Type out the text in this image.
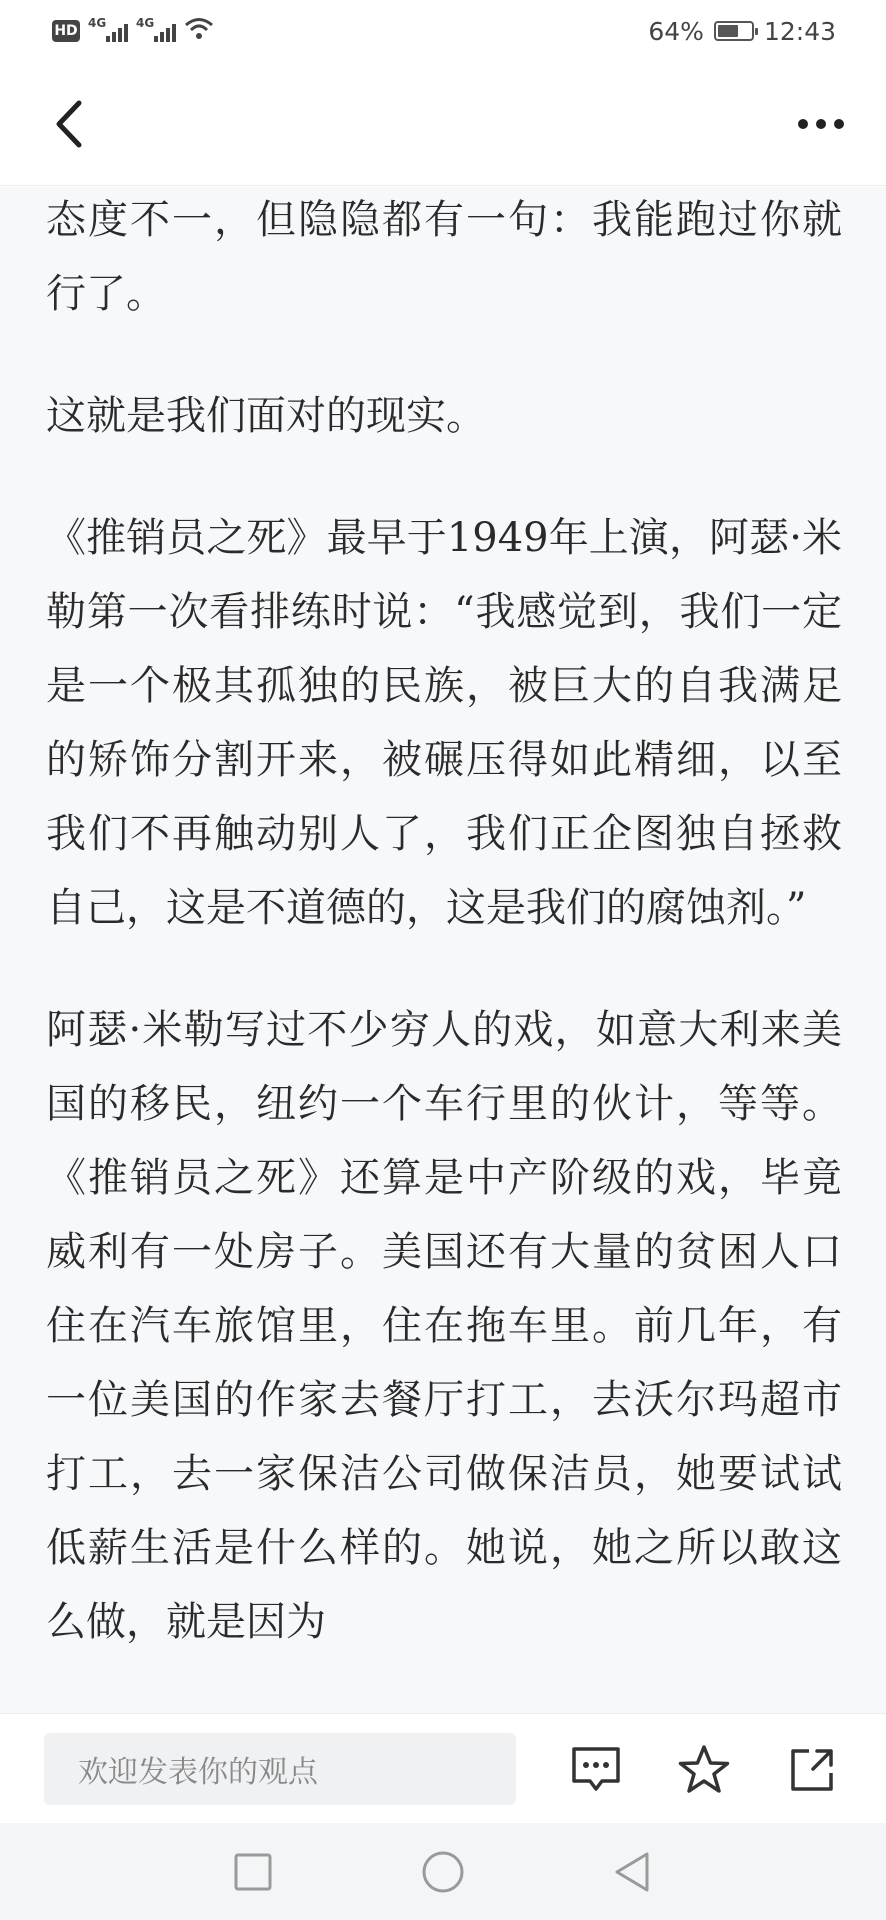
HD 4G 4G	64% 12:43

态度不一，但隐隐都有一句：我能跑过你就行了。

这就是我们面对的现实。

《推销员之死》最早于1949年上演，阿瑟·米勒第一次看排练时说：“我感觉到，我们一定是一个极其孤独的民族，被巨大的自我满足的矫饰分割开来，被碾压得如此精细，以至我们不再触动别人了，我们正企图独自拯救自己，这是不道德的，这是我们的腐蚀剂。”

阿瑟·米勒写过不少穷人的戏，如意大利来美国的移民，纽约一个车行里的伙计，等等。《推销员之死》还算是中产阶级的戏，毕竟威利有一处房子。美国还有大量的贫困人口住在汽车旅馆里，住在拖车里。前几年，有一位美国的作家去餐厅打工，去沃尔玛超市打工，去一家保洁公司做保洁员，她要试试低薪生活是什么样的。她说，她之所以敢这么做，就是因为

欢迎发表你的观点
